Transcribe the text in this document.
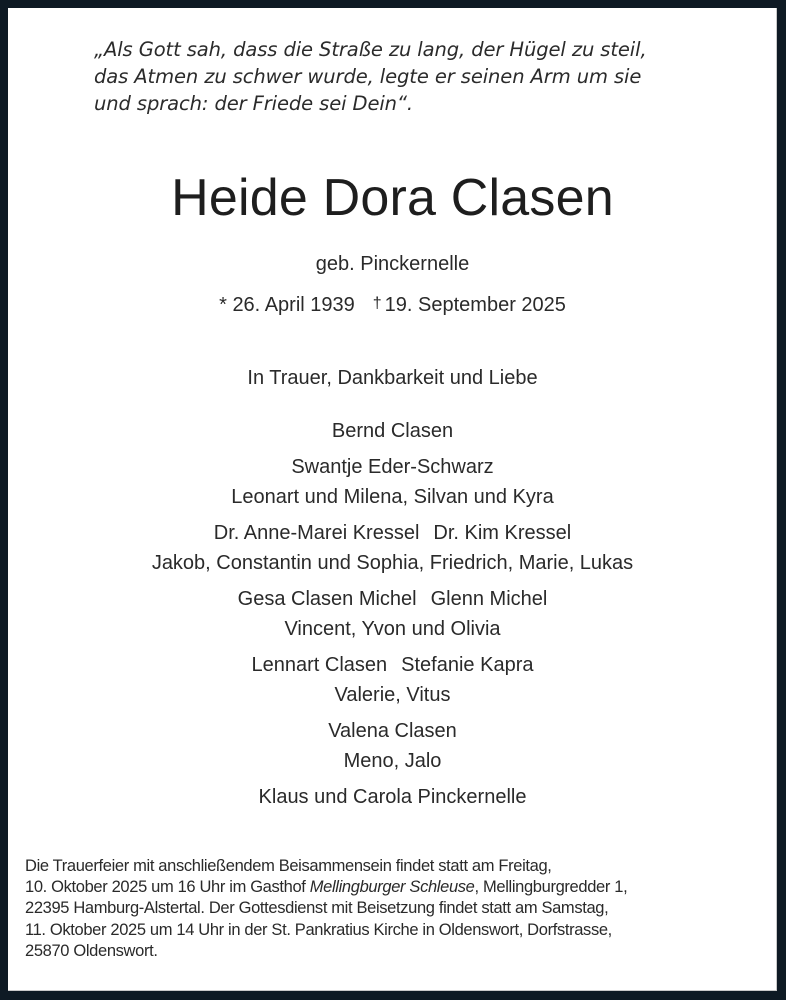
„Als Gott sah, dass die Straße zu lang, der Hügel zu steil,
das Atmen zu schwer wurde, legte er seinen Arm um sie
und sprach: der Friede sei Dein“.
Heide Dora Clasen
geb. Pinckernelle
* 26. April 1939 † 19. September 2025
In Trauer, Dankbarkeit und Liebe
Bernd Clasen
Swantje Eder-Schwarz
Leonart und Milena, Silvan und Kyra
Dr. Anne-Marei Kressel Dr. Kim Kressel
Jakob, Constantin und Sophia, Friedrich, Marie, Lukas
Gesa Clasen Michel Glenn Michel
Vincent, Yvon und Olivia
Lennart Clasen Stefanie Kapra
Valerie, Vitus
Valena Clasen
Meno, Jalo
Klaus und Carola Pinckernelle
Die Trauerfeier mit anschließendem Beisammensein findet statt am Freitag,
10. Oktober 2025 um 16 Uhr im Gasthof Mellingburger Schleuse, Mellingburgredder 1,
22395 Hamburg-Alstertal. Der Gottesdienst mit Beisetzung findet statt am Samstag,
11. Oktober 2025 um 14 Uhr in der St. Pankratius Kirche in Oldenswort, Dorfstrasse,
25870 Oldenswort.
